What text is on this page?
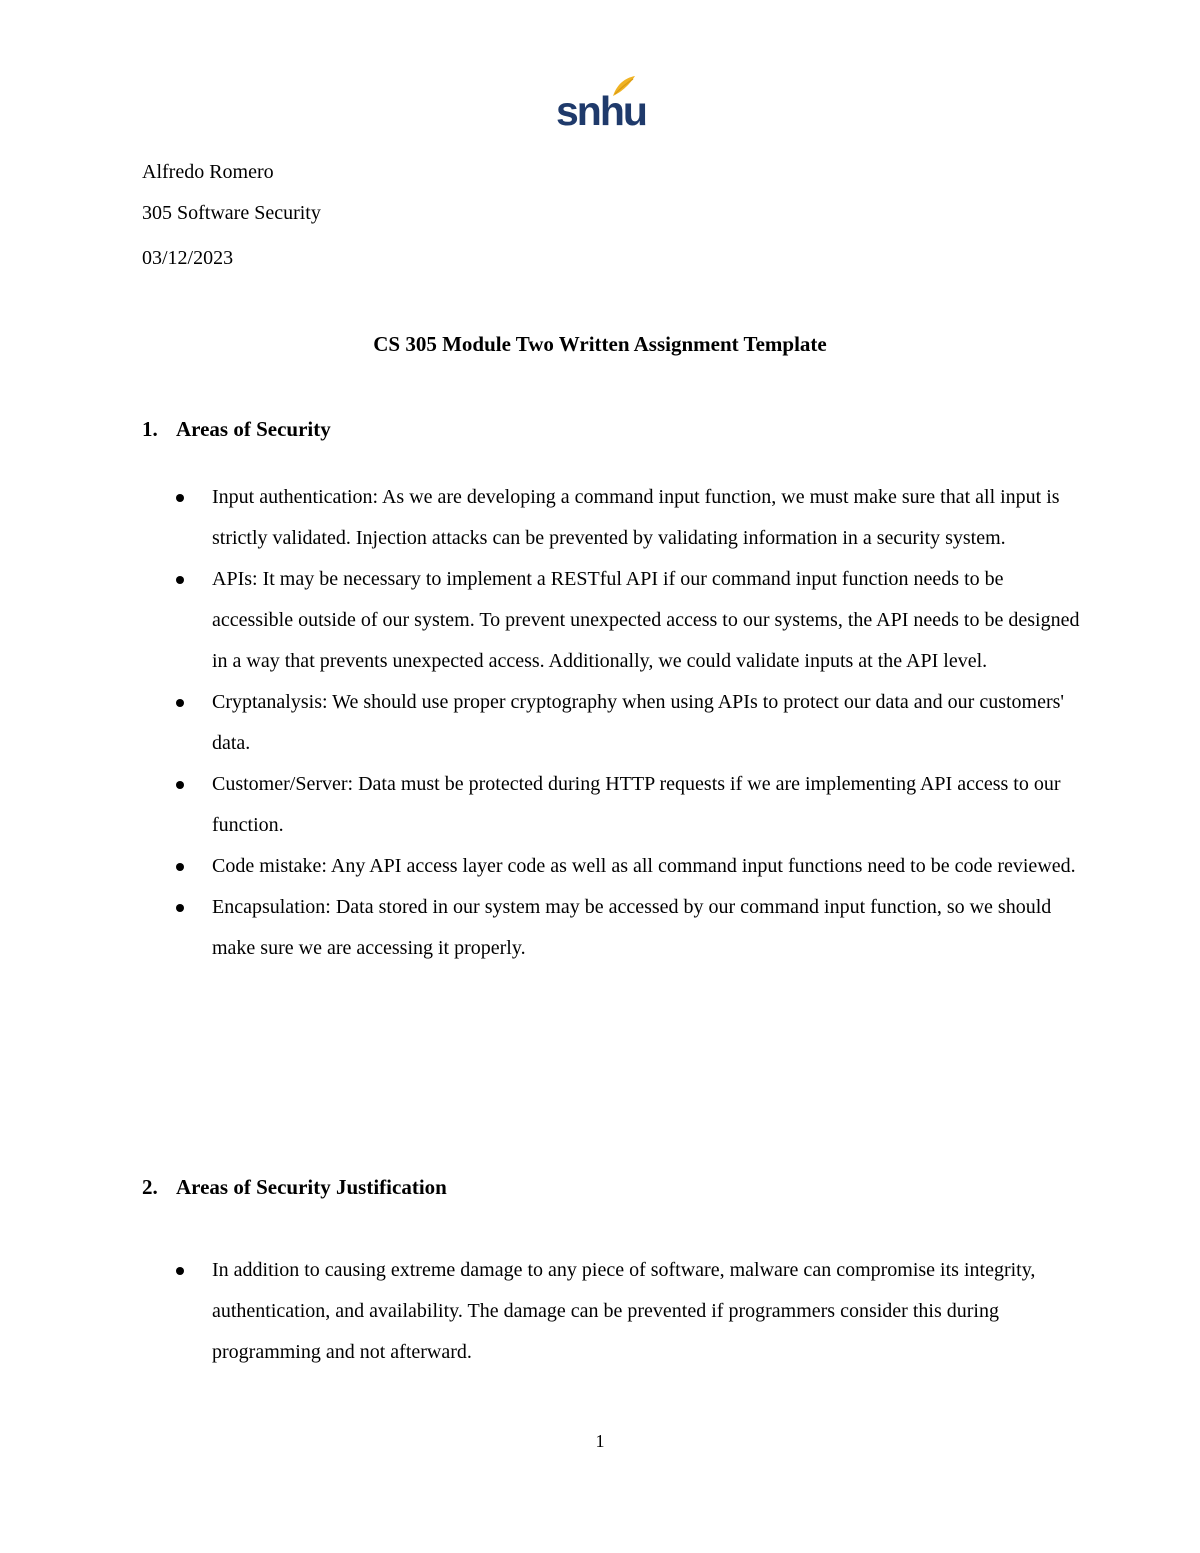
snhu
Alfredo Romero
305 Software Security
03/12/2023
CS 305 Module Two Written Assignment Template
1. Areas of Security
Input authentication: As we are developing a command input function, we must make sure that all input is strictly validated. Injection attacks can be prevented by validating information in a security system.
APIs: It may be necessary to implement a RESTful API if our command input function needs to be accessible outside of our system. To prevent unexpected access to our systems, the API needs to be designed in a way that prevents unexpected access. Additionally, we could validate inputs at the API level.
Cryptanalysis: We should use proper cryptography when using APIs to protect our data and our customers' data.
Customer/Server: Data must be protected during HTTP requests if we are implementing API access to our function.
Code mistake: Any API access layer code as well as all command input functions need to be code reviewed.
Encapsulation: Data stored in our system may be accessed by our command input function, so we should make sure we are accessing it properly.
2. Areas of Security Justification
In addition to causing extreme damage to any piece of software, malware can compromise its integrity, authentication, and availability. The damage can be prevented if programmers consider this during programming and not afterward.
1
